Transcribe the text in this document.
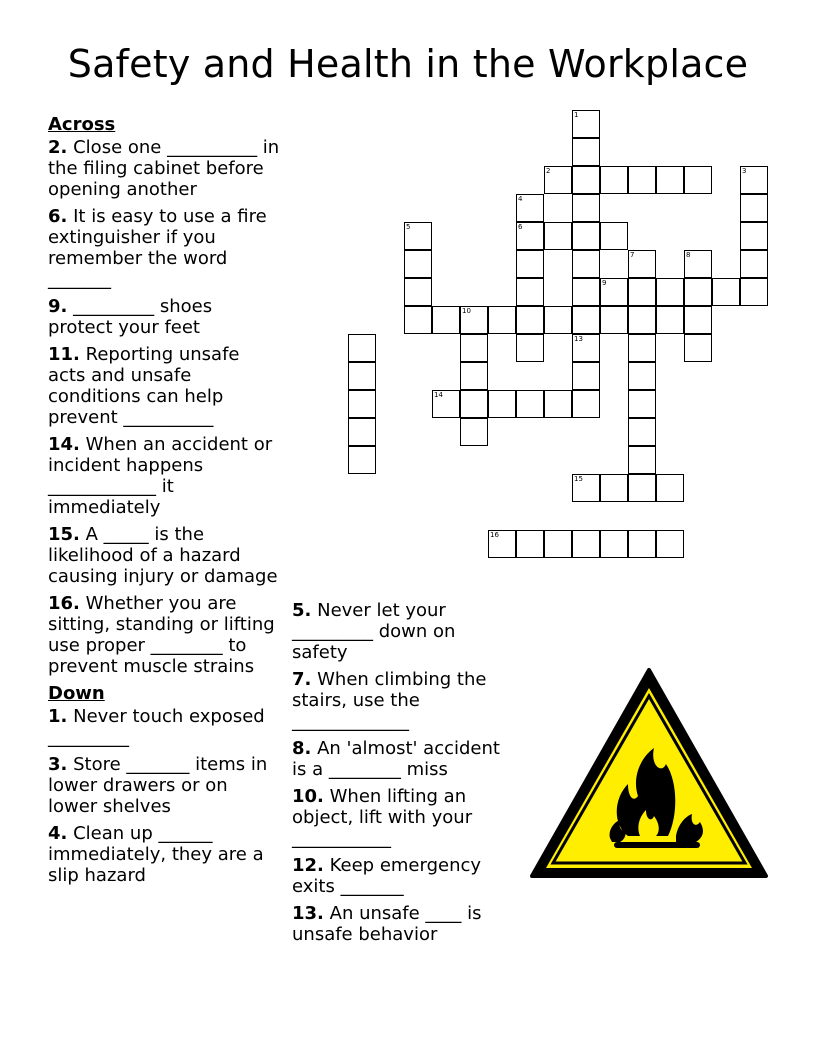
Safety and Health in the Workplace
Across
2. Close one __________ in the filing cabinet before opening another
6. It is easy to use a fire extinguisher if you remember the word _______
9. _________ shoes protect your feet
11. Reporting unsafe acts and unsafe conditions can help prevent __________
14. When an accident or incident happens ____________ it immediately
15. A _____ is the likelihood of a hazard causing injury or damage
16. Whether you are sitting, standing or lifting use proper ________ to prevent muscle strains
Down
1. Never touch exposed _________
3. Store _______ items in lower drawers or on lower shelves
4. Clean up ______ immediately, they are a slip hazard
5. Never let your _________ down on safety
7. When climbing the stairs, use the _____________
8. An 'almost' accident is a ________ miss
10. When lifting an object, lift with your ___________
12. Keep emergency exits _______
13. An unsafe ____ is unsafe behavior
2
1
3
4
6
10
5
7	8
9
14
13
15
16
